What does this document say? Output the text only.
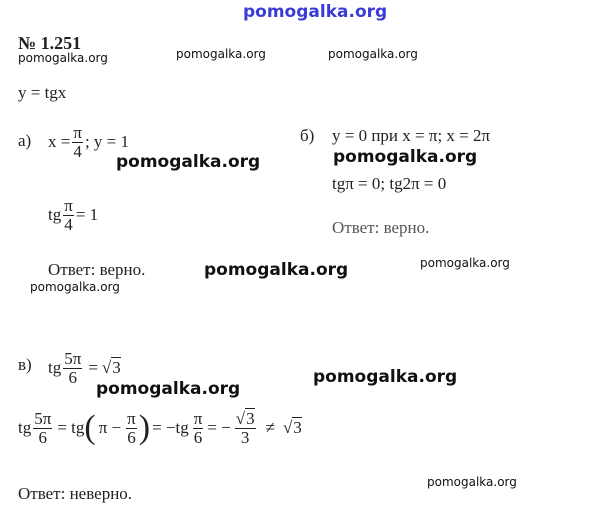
pomogalka.org
pomogalka.org	pomogalka.org	pomogalka.org
pomogalka.org	pomogalka.org
pomogalka.org	pomogalka.org
pomogalka.org
pomogalka.org
pomogalka.org
pomogalka.org
№ 1.251
y = tgx
а) $x = \frac{\pi}{4}$ ; y = 1
tg $\frac{\pi}{4} = 1$
Ответ: верно.
б) y = 0 при x = π; x = 2π
tgπ = 0; tg2π = 0
Ответ: верно.
в) tg $\frac{5\pi}{6} = √3$
tg $\frac{5\pi}{6}$ = tg ( $\pi - \frac{\pi}{6}$ ) = $-tg \frac{\pi}{6}$ = − $\frac{√3}{3} \ne √3$
Ответ: неверно.
